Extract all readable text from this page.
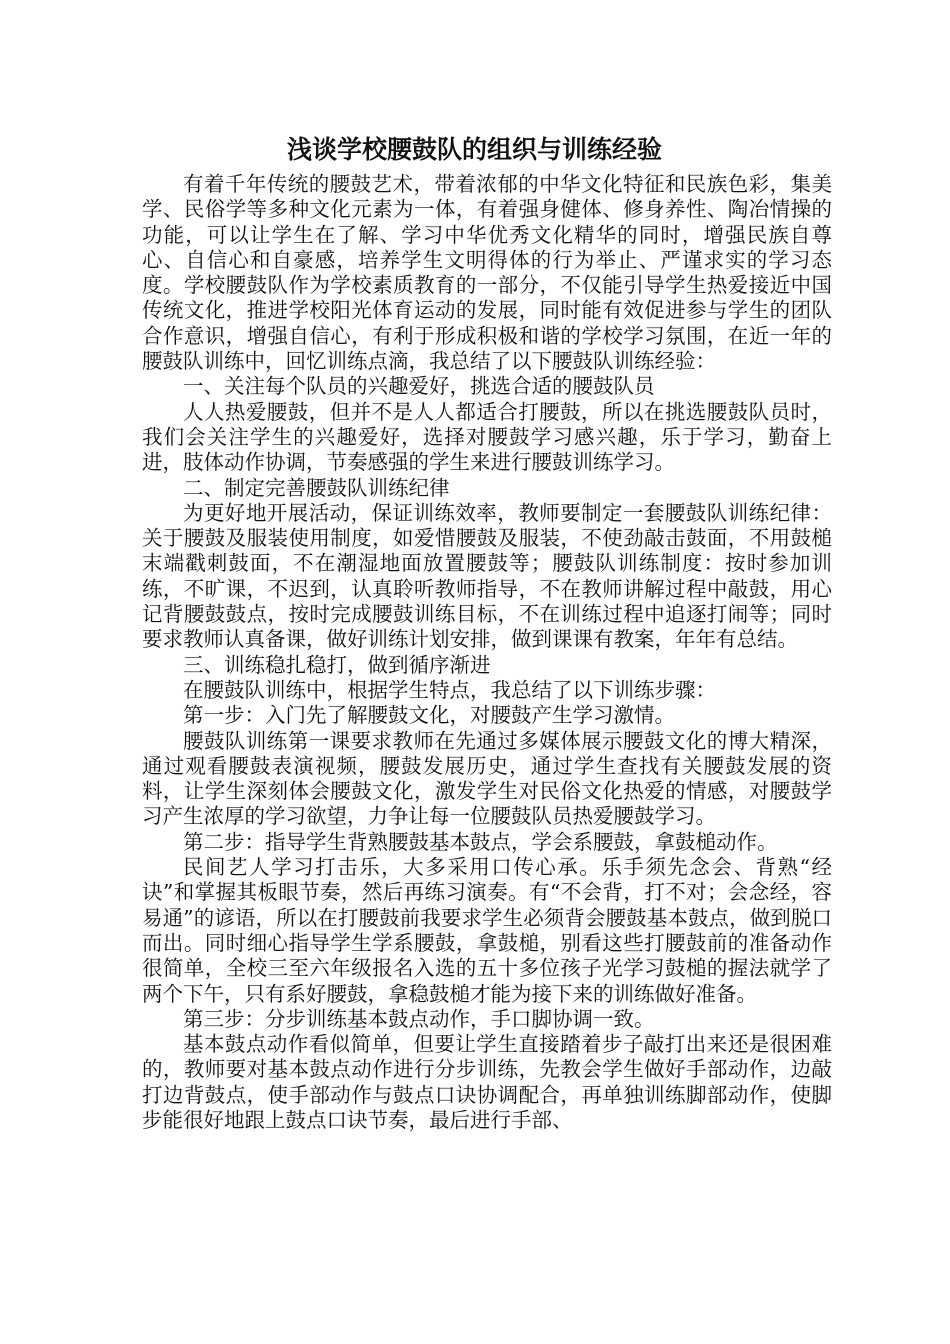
浅谈学校腰鼓队的组织与训练经验

有着千年传统的腰鼓艺术，带着浓郁的中华文化特征和民族色彩，集美学、民俗学等多种文化元素为一体，有着强身健体、修身养性、陶冶情操的功能，可以让学生在了解、学习中华优秀文化精华的同时，增强民族自尊心、自信心和自豪感，培养学生文明得体的行为举止、严谨求实的学习态度。学校腰鼓队作为学校素质教育的一部分，不仅能引导学生热爱接近中国传统文化，推进学校阳光体育运动的发展，同时能有效促进参与学生的团队合作意识，增强自信心，有利于形成积极和谐的学校学习氛围，在近一年的腰鼓队训练中，回忆训练点滴，我总结了以下腰鼓队训练经验：

一、关注每个队员的兴趣爱好，挑选合适的腰鼓队员

人人热爱腰鼓，但并不是人人都适合打腰鼓，所以在挑选腰鼓队员时，我们会关注学生的兴趣爱好，选择对腰鼓学习感兴趣，乐于学习，勤奋上进，肢体动作协调，节奏感强的学生来进行腰鼓训练学习。

二、制定完善腰鼓队训练纪律

为更好地开展活动，保证训练效率，教师要制定一套腰鼓队训练纪律：关于腰鼓及服装使用制度，如爱惜腰鼓及服装，不使劲敲击鼓面，不用鼓槌末端戳刺鼓面，不在潮湿地面放置腰鼓等；腰鼓队训练制度：按时参加训练，不旷课，不迟到，认真聆听教师指导，不在教师讲解过程中敲鼓，用心记背腰鼓鼓点，按时完成腰鼓训练目标，不在训练过程中追逐打闹等；同时要求教师认真备课，做好训练计划安排，做到课课有教案，年年有总结。

三、训练稳扎稳打，做到循序渐进

在腰鼓队训练中，根据学生特点，我总结了以下训练步骤：

第一步：入门先了解腰鼓文化，对腰鼓产生学习激情。

腰鼓队训练第一课要求教师在先通过多媒体展示腰鼓文化的博大精深，通过观看腰鼓表演视频，腰鼓发展历史，通过学生查找有关腰鼓发展的资料，让学生深刻体会腰鼓文化，激发学生对民俗文化热爱的情感，对腰鼓学习产生浓厚的学习欲望，力争让每一位腰鼓队员热爱腰鼓学习。

第二步：指导学生背熟腰鼓基本鼓点，学会系腰鼓，拿鼓槌动作。

民间艺人学习打击乐，大多采用口传心承。乐手须先念会、背熟“经诀”和掌握其板眼节奏，然后再练习演奏。有“不会背，打不对；会念经，容易通”的谚语，所以在打腰鼓前我要求学生必须背会腰鼓基本鼓点，做到脱口而出。同时细心指导学生学系腰鼓，拿鼓槌，别看这些打腰鼓前的准备动作很简单，全校三至六年级报名入选的五十多位孩子光学习鼓槌的握法就学了两个下午，只有系好腰鼓，拿稳鼓槌才能为接下来的训练做好准备。

第三步：分步训练基本鼓点动作，手口脚协调一致。

基本鼓点动作看似简单，但要让学生直接踏着步子敲打出来还是很困难的，教师要对基本鼓点动作进行分步训练，先教会学生做好手部动作，边敲打边背鼓点，使手部动作与鼓点口诀协调配合，再单独训练脚部动作，使脚步能很好地跟上鼓点口诀节奏，最后进行手部、
